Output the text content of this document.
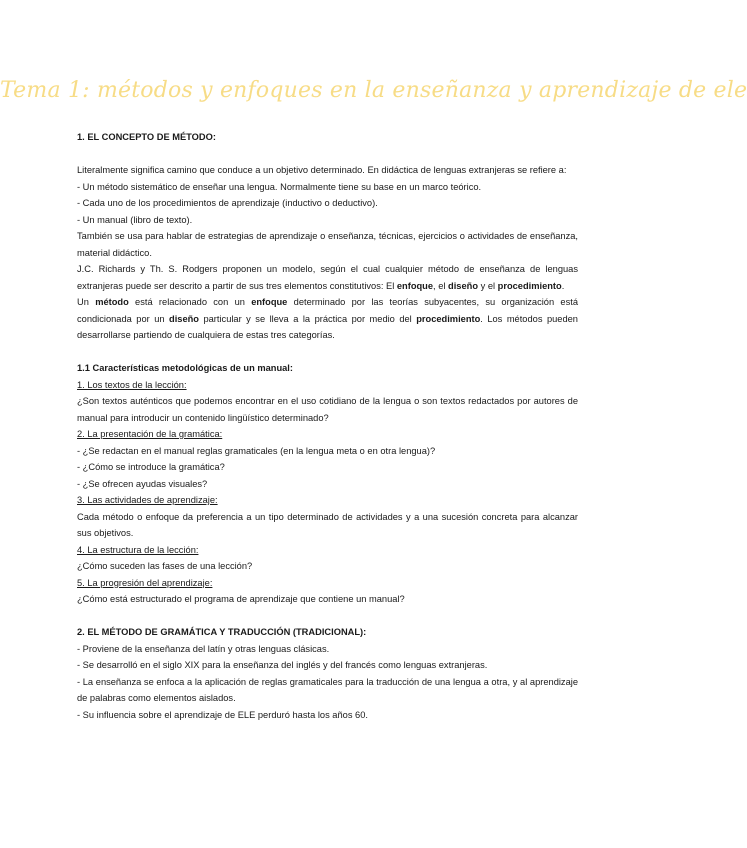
Tema 1: métodos y enfoques en la enseñanza y aprendizaje de ele

1. EL CONCEPTO DE MÉTODO:

Literalmente significa camino que conduce a un objetivo determinado. En didáctica de lenguas extranjeras se refiere a:

- Un método sistemático de enseñar una lengua. Normalmente tiene su base en un marco teórico.

- Cada uno de los procedimientos de aprendizaje (inductivo o deductivo).

- Un manual (libro de texto).

También se usa para hablar de estrategias de aprendizaje o enseñanza, técnicas, ejercicios o actividades de enseñanza, material didáctico.

J.C. Richards y Th. S. Rodgers proponen un modelo, según el cual cualquier método de enseñanza de lenguas extranjeras puede ser descrito a partir de sus tres elementos constitutivos: El enfoque, el diseño y el procedimiento.

Un método está relacionado con un enfoque determinado por las teorías subyacentes, su organización está condicionada por un diseño particular y se lleva a la práctica por medio del procedimiento. Los métodos pueden desarrollarse partiendo de cualquiera de estas tres categorías.

1.1 Características metodológicas de un manual:

1. Los textos de la lección:

¿Son textos auténticos que podemos encontrar en el uso cotidiano de la lengua o son textos redactados por autores de manual para introducir un contenido lingüístico determinado?

2. La presentación de la gramática:

- ¿Se redactan en el manual reglas gramaticales (en la lengua meta o en otra lengua)?

- ¿Cómo se introduce la gramática?

- ¿Se ofrecen ayudas visuales?

3. Las actividades de aprendizaje:

Cada método o enfoque da preferencia a un tipo determinado de actividades y a una sucesión concreta para alcanzar sus objetivos.

4. La estructura de la lección:

¿Cómo suceden las fases de una lección?

5. La progresión del aprendizaje:

¿Cómo está estructurado el programa de aprendizaje que contiene un manual?

2. EL MÉTODO DE GRAMÁTICA Y TRADUCCIÓN (TRADICIONAL):

- Proviene de la enseñanza del latín y otras lenguas clásicas.

- Se desarrolló en el siglo XIX para la enseñanza del inglés y del francés como lenguas extranjeras.

- La enseñanza se enfoca a la aplicación de reglas gramaticales para la traducción de una lengua a otra, y al aprendizaje de palabras como elementos aislados.

- Su influencia sobre el aprendizaje de ELE perduró hasta los años 60.
